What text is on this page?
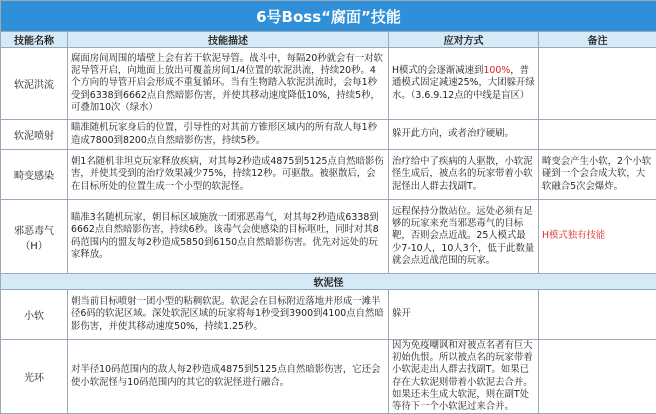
6号Boss“腐面”技能			
技能名称	技能描述	应对方式	备注
软泥洪流	腐面房间周围的墙壁上会有若干软泥导管。战斗中，每隔20秒就会有一对软泥导管开启，向地面上放出可覆盖房间1/4位置的软泥洪流，持续20秒。4个方向的导管开启会形成不重复循环。当有生物踏入软泥洪流时，会每1秒受到6338到6662点自然暗影伤害，并使其移动速度降低10%，持续5秒，可叠加10次（绿水）	H模式的会逐渐减速到100%，普通模式固定减速25%，大团躲开绿水。（3.6.9.12点的中线是盲区）	
软泥喷射	瞄准随机玩家身后的位置，引导性的对其前方锥形区域内的所有敌人每1秒造成7800到8200点自然暗影伤害，持续5秒。	躲开此方向，或者治疗硬刷。	
畸变感染	朝1名随机非坦克玩家释放疾病，对其每2秒造成4875到5125点自然暗影伤害，并使其受到的治疗效果减少75%，持续12秒。可驱散。被驱散后，会在目标所处的位置生成一个小型的软泥怪。	治疗给中了疾病的人驱散，小软泥怪生成后，被点名的玩家带着小软泥怪出人群去找副T。	畸变会产生小软，2个小软碰到一个会合成大软，大软融合5次会爆炸。
邪恶毒气（H）	瞄准3名随机玩家，朝目标区域施放一团邪恶毒气，对其每2秒造成6338到6662点自然暗影伤害，持续6秒。该毒气会使感染的目标呕吐，同时对其8码范围内的盟友每2秒造成5850到6150点自然暗影伤害。优先对远处的玩家释放。	远程保持分散站位。远处必须有足够的玩家来充当邪恶毒气的目标靶，否则会点近战。25人模式最少7-10人，10人3个，低于此数量就会点近战范围的玩家。	H模式独有技能
软泥怪			
小软	朝当前目标喷射一团小型的粘稠软泥。软泥会在目标附近落地并形成一滩半径6码的软泥区域。深处软泥区域的玩家将每1秒受到3900到4100点自然暗影伤害，并使其移动速度50%，持续1.25秒。	躲开	
光环	对半径10码范围内的敌人每2秒造成4875到5125点自然暗影伤害，它还会使小软泥怪与10码范围内的其它的软泥怪进行融合。	因为免疫嘲讽和对被点名者有巨大初始仇恨。所以被点名的玩家带着小软泥走出人群去找副T。如果已存在大软泥则带着小软泥去合并。如果还未生成大软泥，则在副T处等待下一个小软泥过来合并。	
